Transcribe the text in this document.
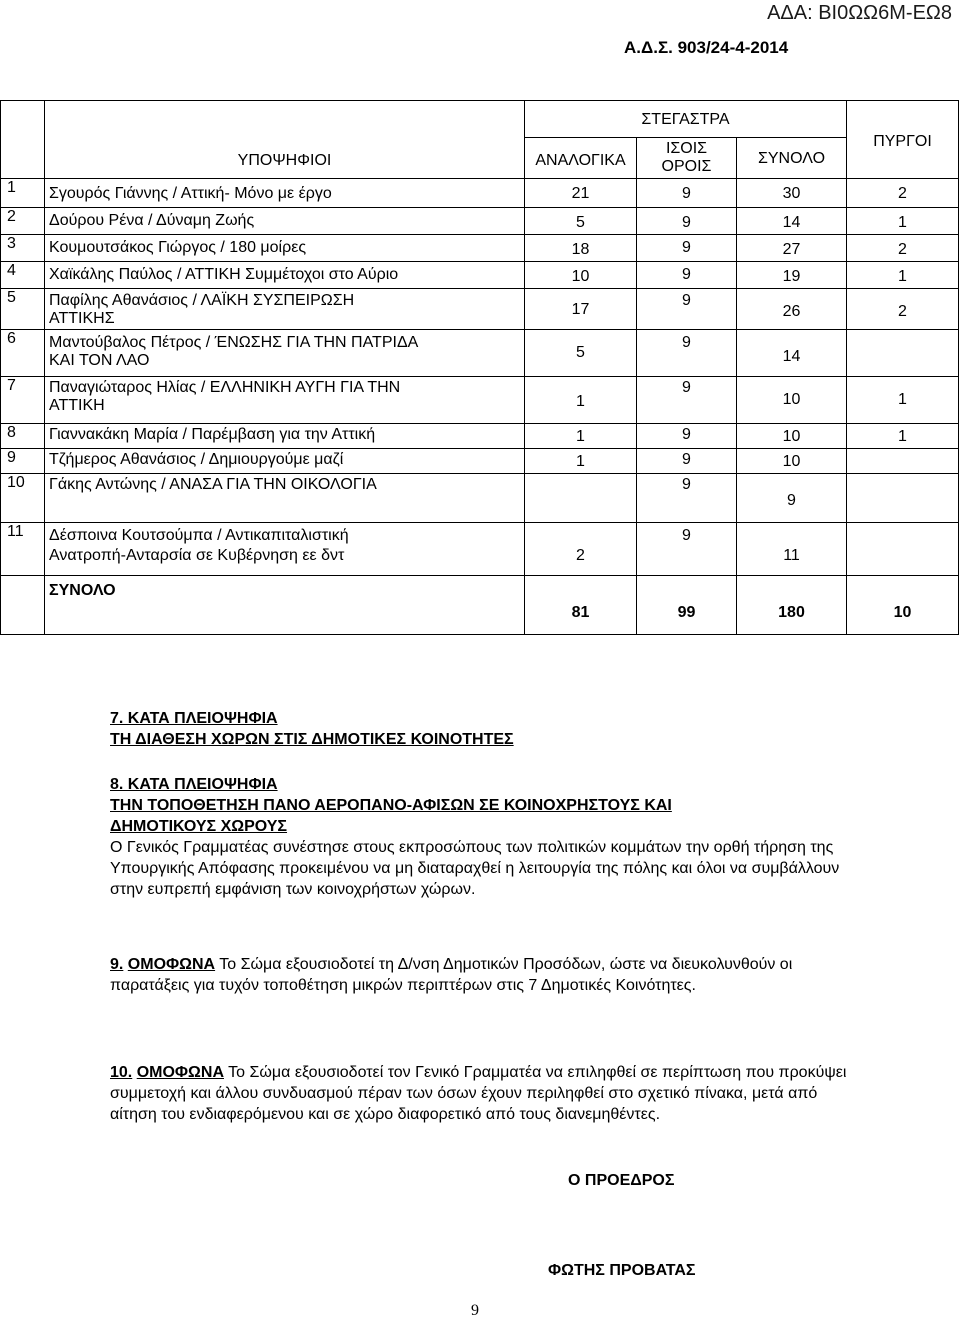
ΑΔΑ: ΒΙ0ΩΩ6Μ-ΕΩ8
Α.Δ.Σ. 903/24-4-2014

		ΣΤΕΓΑΣΤΡΑ			ΠΥΡΓΟΙ

	ΥΠΟΨΗΦΙΟΙ	ΑΝΑΛΟΓΙΚΑ	ΙΣΟΙΣ
ΟΡΟΙΣ	ΣΥΝΟΛΟ	

1	Σγουρός Γιάννης / Αττική- Μόνο με έργο	21	9	30	2

2	Δούρου Ρένα / Δύναμη Ζωής	5	9	14	1

3	Κουμουτσάκος Γιώργος / 180 μοίρες	18	9	27	2

4	Χαϊκάλης Παύλος / ΑΤΤΙΚΗ Συμμέτοχοι στο Αύριο	10	9	19	1

5	Παφίλης Αθανάσιος / ΛΑΪΚΗ ΣΥΣΠΕΙΡΩΣΗ
ΑΤΤΙΚΗΣ	17	9	26	2

6	Μαντούβαλος Πέτρος / ΈΝΩΣΗΣ ΓΙΑ ΤΗΝ ΠΑΤΡΙΔΑ
ΚΑΙ ΤΟΝ ΛΑΟ	5	9	14	

7	Παναγιώταρος Ηλίας / ΕΛΛΗΝΙΚΗ ΑΥΓΗ ΓΙΑ ΤΗΝ
ΑΤΤΙΚΗ	1	9	10	1

8	Γιαννακάκη Μαρία / Παρέμβαση για την Αττική	1	9	10	1

9	Τζήμερος Αθανάσιος / Δημιουργούμε μαζί	1	9	10	

10	Γάκης Αντώνης / ΑΝΑΣΑ ΓΙΑ ΤΗΝ ΟΙΚΟΛΟΓΙΑ		9	9	

11	Δέσποινα Κουτσούμπα / Αντικαπιταλιστική
Ανατροπή-Ανταρσία σε Κυβέρνηση εε δντ	2	9	11	

	ΣΥΝΟΛΟ	81	99	180	10
7. ΚΑΤΑ ΠΛΕΙΟΨΗΦΙΑ
ΤΗ ΔΙΑΘΕΣΗ ΧΩΡΩΝ ΣΤΙΣ ΔΗΜΟΤΙΚΕΣ ΚΟΙΝΟΤΗΤΕΣ
8. ΚΑΤΑ ΠΛΕΙΟΨΗΦΙΑ
ΤΗΝ ΤΟΠΟΘΕΤΗΣΗ ΠΑΝΟ ΑΕΡΟΠΑΝΟ-ΑΦΙΣΩΝ ΣΕ ΚΟΙΝΟΧΡΗΣΤΟΥΣ ΚΑΙ
ΔΗΜΟΤΙΚΟΥΣ ΧΩΡΟΥΣ
Ο Γενικός Γραμματέας συνέστησε στους εκπροσώπους των πολιτικών κομμάτων την ορθή τήρηση της Υπουργικής Απόφασης προκειμένου να μη διαταραχθεί η λειτουργία της πόλης και όλοι να συμβάλλουν στην ευπρεπή εμφάνιση των κοινοχρήστων χώρων.
9. ΟΜΟΦΩΝΑ Το Σώμα εξουσιοδοτεί τη Δ/νση Δημοτικών Προσόδων, ώστε να διευκολυνθούν οι παρατάξεις για τυχόν τοποθέτηση μικρών περιπτέρων στις 7 Δημοτικές Κοινότητες.
10. ΟΜΟΦΩΝΑ Το Σώμα εξουσιοδοτεί τον Γενικό Γραμματέα να επιληφθεί σε περίπτωση που προκύψει συμμετοχή και άλλου συνδυασμού πέραν των όσων έχουν περιληφθεί στο σχετικό πίνακα, μετά από αίτηση του ενδιαφερόμενου και σε χώρο διαφορετικό από τους διανεμηθέντες.
Ο ΠΡΟΕΔΡΟΣ
ΦΩΤΗΣ ΠΡΟΒΑΤΑΣ
9
